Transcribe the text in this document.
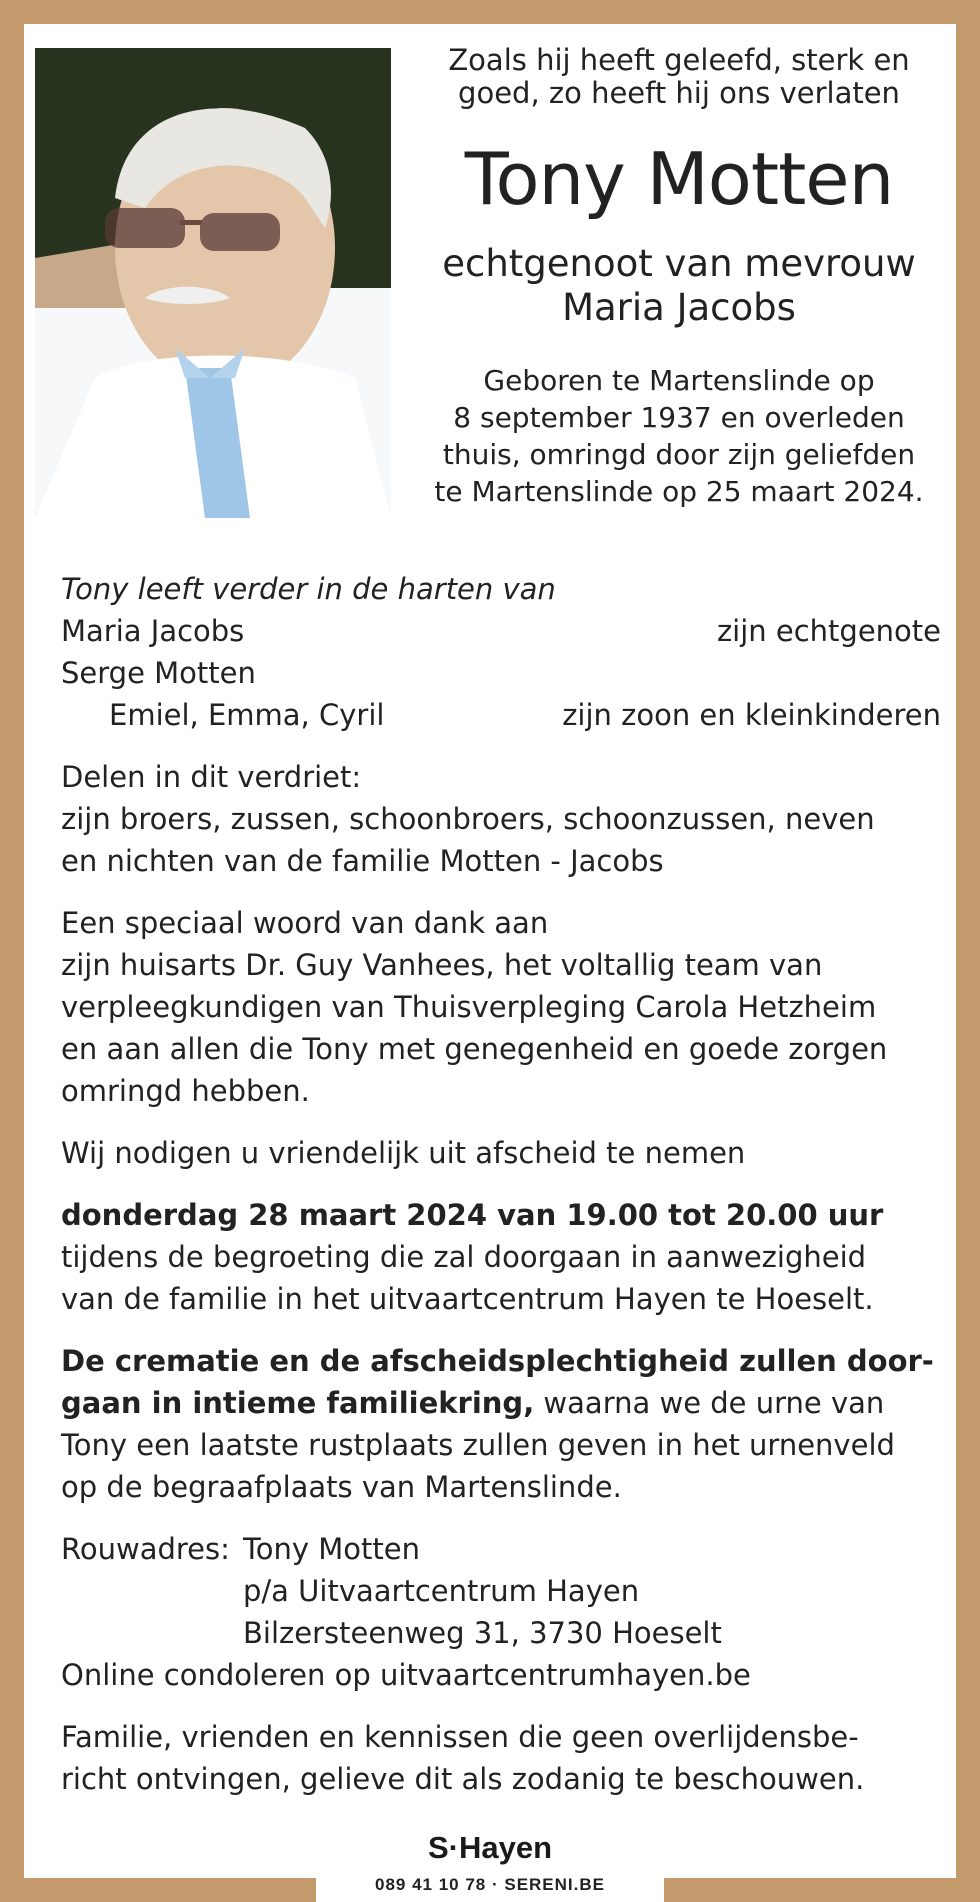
Zoals hij heeft geleefd, sterk en
goed, zo heeft hij ons verlaten
Tony Motten
echtgenoot van mevrouw
Maria Jacobs
Geboren te Martenslinde op
8 september 1937 en overleden
thuis, omringd door zijn geliefden
te Martenslinde op 25 maart 2024.
Tony leeft verder in de harten van
Maria Jacobs	zijn echtgenote
Serge Motten
Emiel, Emma, Cyril	zijn zoon en kleinkinderen
Delen in dit verdriet:
zijn broers, zussen, schoonbroers, schoonzussen, neven
en nichten van de familie Motten - Jacobs
Een speciaal woord van dank aan
zijn huisarts Dr. Guy Vanhees, het voltallig team van
verpleegkundigen van Thuisverpleging Carola Hetzheim
en aan allen die Tony met genegenheid en goede zorgen
omringd hebben.
Wij nodigen u vriendelijk uit afscheid te nemen
donderdag 28 maart 2024 van 19.00 tot 20.00 uur
tijdens de begroeting die zal doorgaan in aanwezigheid
van de familie in het uitvaartcentrum Hayen te Hoeselt.
De crematie en de afscheidsplechtigheid zullen door-
gaan in intieme familiekring, waarna we de urne van
Tony een laatste rustplaats zullen geven in het urnenveld
op de begraafplaats van Martenslinde.
Rouwadres: Tony Motten
p/a Uitvaartcentrum Hayen
Bilzersteenweg 31, 3730 Hoeselt
Online condoleren op uitvaartcentrumhayen.be
Familie, vrienden en kennissen die geen overlijdensbe-
richt ontvingen, gelieve dit als zodanig te beschouwen.
S·Hayen
089 41 10 78 · SERENI.BE
